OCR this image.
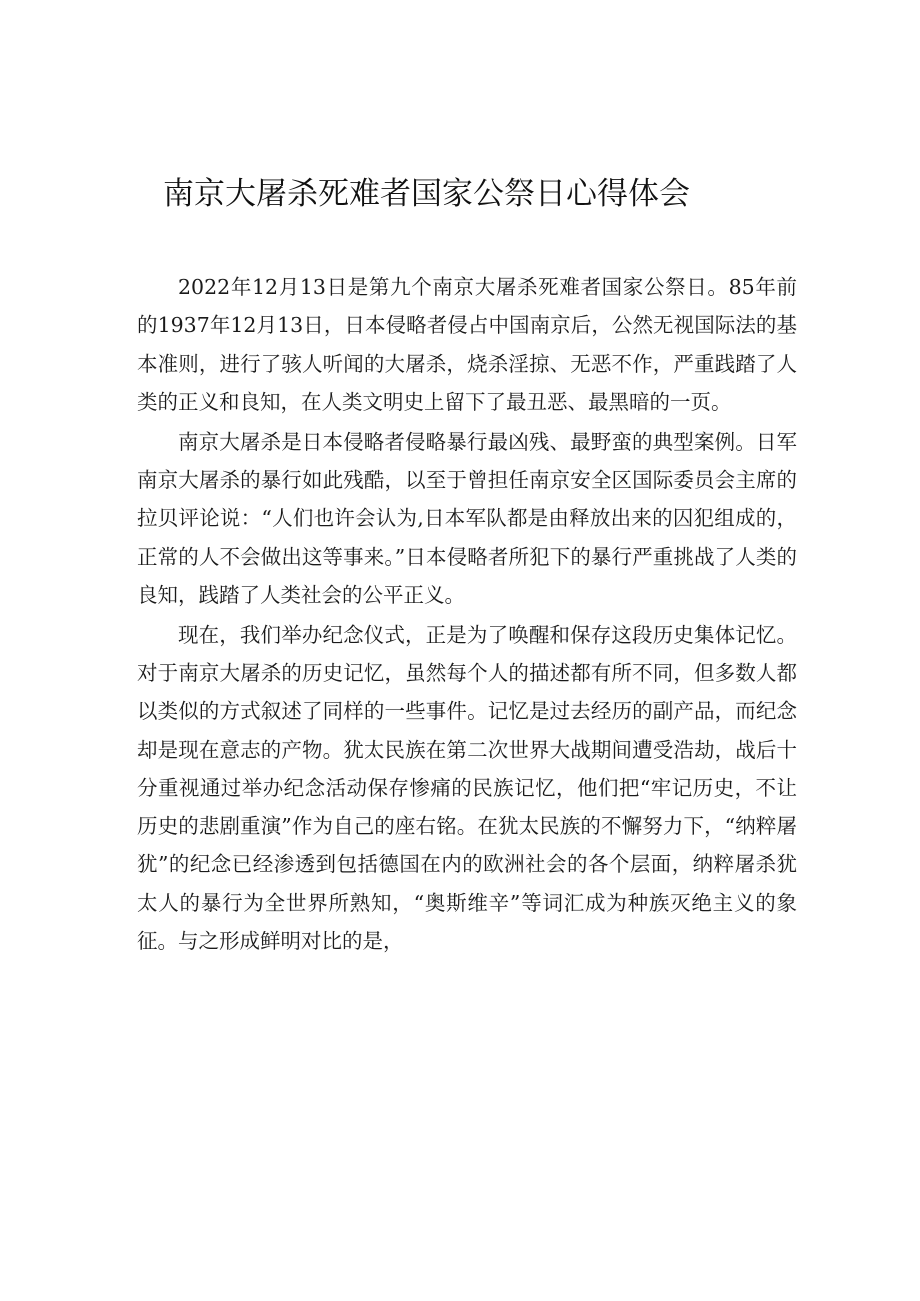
南京大屠杀死难者国家公祭日心得体会

2022年12月13日是第九个南京大屠杀死难者国家公祭日。85年前的1937年12月13日，日本侵略者侵占中国南京后，公然无视国际法的基本准则，进行了骇人听闻的大屠杀，烧杀淫掠、无恶不作，严重践踏了人类的正义和良知，在人类文明史上留下了最丑恶、最黑暗的一页。

南京大屠杀是日本侵略者侵略暴行最凶残、最野蛮的典型案例。日军南京大屠杀的暴行如此残酷，以至于曾担任南京安全区国际委员会主席的拉贝评论说：“人们也许会认为,日本军队都是由释放出来的囚犯组成的，正常的人不会做出这等事来。”日本侵略者所犯下的暴行严重挑战了人类的良知，践踏了人类社会的公平正义。

现在，我们举办纪念仪式，正是为了唤醒和保存这段历史集体记忆。对于南京大屠杀的历史记忆，虽然每个人的描述都有所不同，但多数人都以类似的方式叙述了同样的一些事件。记忆是过去经历的副产品，而纪念却是现在意志的产物。犹太民族在第二次世界大战期间遭受浩劫，战后十分重视通过举办纪念活动保存惨痛的民族记忆，他们把“牢记历史，不让历史的悲剧重演”作为自己的座右铭。在犹太民族的不懈努力下，“纳粹屠犹”的纪念已经渗透到包括德国在内的欧洲社会的各个层面，纳粹屠杀犹太人的暴行为全世界所熟知，“奥斯维辛”等词汇成为种族灭绝主义的象征。与之形成鲜明对比的是，
